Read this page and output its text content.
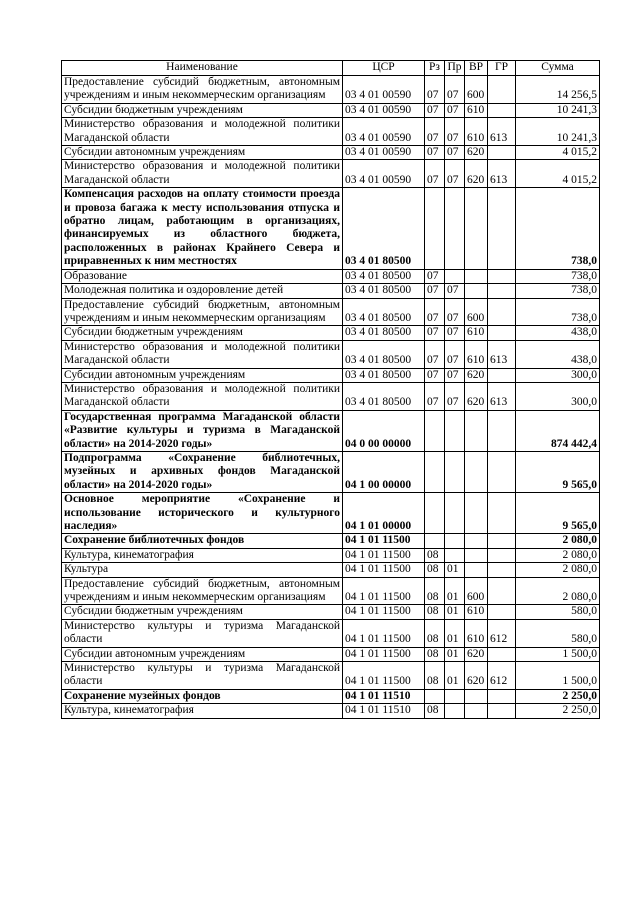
Наименование	ЦСР	Рз	Пр	ВР	ГР	Сумма
Предоставление субсидий бюджетным, автономным учреждениям и иным некоммерческим организациям	03 4 01 00590	07	07	600		14 256,5
Субсидии бюджетным учреждениям	03 4 01 00590	07	07	610		10 241,3
Министерство образования и молодежной политики Магаданской области	03 4 01 00590	07	07	610	613	10 241,3
Субсидии автономным учреждениям	03 4 01 00590	07	07	620		4 015,2
Министерство образования и молодежной политики Магаданской области	03 4 01 00590	07	07	620	613	4 015,2
Компенсация расходов на оплату стоимости проезда и провоза багажа к месту использования отпуска и обратно лицам, работающим в организациях, финансируемых из областного бюджета, расположенных в районах Крайнего Севера и приравненных к ним местностях	03 4 01 80500					738,0
Образование	03 4 01 80500	07				738,0
Молодежная политика и оздоровление детей	03 4 01 80500	07	07			738,0
Предоставление субсидий бюджетным, автономным учреждениям и иным некоммерческим организациям	03 4 01 80500	07	07	600		738,0
Субсидии бюджетным учреждениям	03 4 01 80500	07	07	610		438,0
Министерство образования и молодежной политики Магаданской области	03 4 01 80500	07	07	610	613	438,0
Субсидии автономным учреждениям	03 4 01 80500	07	07	620		300,0
Министерство образования и молодежной политики Магаданской области	03 4 01 80500	07	07	620	613	300,0
Государственная программа Магаданской области «Развитие культуры и туризма в Магаданской области» на 2014-2020 годы»	04 0 00 00000					874 442,4
Подпрограмма «Сохранение библиотечных, музейных и архивных фондов Магаданской области» на 2014-2020 годы»	04 1 00 00000					9 565,0
Основное мероприятие «Сохранение и использование исторического и культурного наследия»	04 1 01 00000					9 565,0
Сохранение библиотечных фондов	04 1 01 11500					2 080,0
Культура, кинематография	04 1 01 11500	08				2 080,0
Культура	04 1 01 11500	08	01			2 080,0
Предоставление субсидий бюджетным, автономным учреждениям и иным некоммерческим организациям	04 1 01 11500	08	01	600		2 080,0
Субсидии бюджетным учреждениям	04 1 01 11500	08	01	610		580,0
Министерство культуры и туризма Магаданской области	04 1 01 11500	08	01	610	612	580,0
Субсидии автономным учреждениям	04 1 01 11500	08	01	620		1 500,0
Министерство культуры и туризма Магаданской области	04 1 01 11500	08	01	620	612	1 500,0
Сохранение музейных фондов	04 1 01 11510					2 250,0
Культура, кинематография	04 1 01 11510	08				2 250,0
